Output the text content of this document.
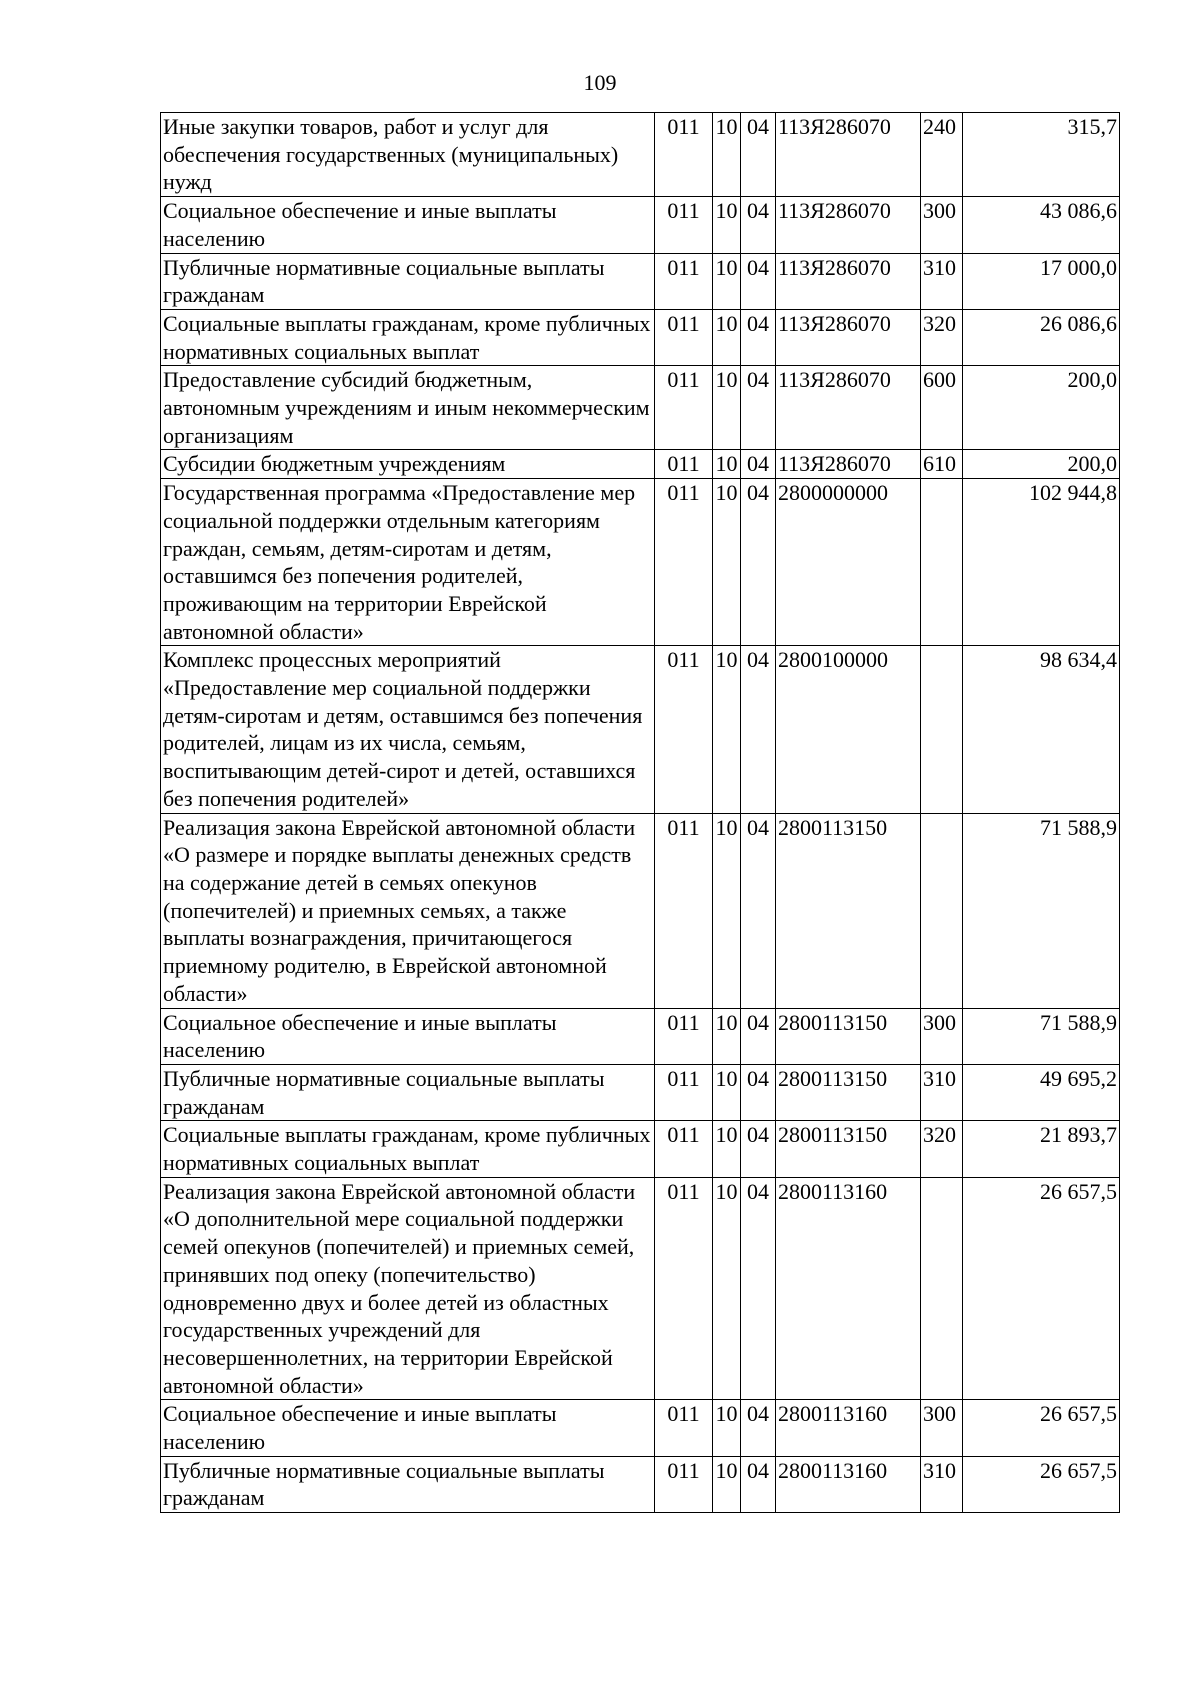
109
Иные закупки товаров, работ и услуг для обеспечения государственных (муниципальных) нужд	011	10	04	113Я286070	240	315,7
Социальное обеспечение и иные выплаты населению	011	10	04	113Я286070	300	43 086,6
Публичные нормативные социальные выплаты гражданам	011	10	04	113Я286070	310	17 000,0
Социальные выплаты гражданам, кроме публичных нормативных социальных выплат	011	10	04	113Я286070	320	26 086,6
Предоставление субсидий бюджетным, автономным учреждениям и иным некоммерческим организациям	011	10	04	113Я286070	600	200,0
Субсидии бюджетным учреждениям	011	10	04	113Я286070	610	200,0
Государственная программа «Предоставление мер социальной поддержки отдельным категориям граждан, семьям, детям-сиротам и детям, оставшимся без попечения родителей, проживающим на территории Еврейской автономной области»	011	10	04	2800000000		102 944,8
Комплекс процессных мероприятий «Предоставление мер социальной поддержки детям-сиротам и детям, оставшимся без попечения родителей, лицам из их числа, семьям, воспитывающим детей-сирот и детей, оставшихся без попечения родителей»	011	10	04	2800100000		98 634,4
Реализация закона Еврейской автономной области «О размере и порядке выплаты денежных средств на содержание детей в семьях опекунов (попечителей) и приемных семьях, а также выплаты вознаграждения, причитающегося приемному родителю, в Еврейской автономной области»	011	10	04	2800113150		71 588,9
Социальное обеспечение и иные выплаты населению	011	10	04	2800113150	300	71 588,9
Публичные нормативные социальные выплаты гражданам	011	10	04	2800113150	310	49 695,2
Социальные выплаты гражданам, кроме публичных нормативных социальных выплат	011	10	04	2800113150	320	21 893,7
Реализация закона Еврейской автономной области «О дополнительной мере социальной поддержки семей опекунов (попечителей) и приемных семей, принявших под опеку (попечительство) одновременно двух и более детей из областных государственных учреждений для несовершеннолетних, на территории Еврейской автономной области»	011	10	04	2800113160		26 657,5
Социальное обеспечение и иные выплаты населению	011	10	04	2800113160	300	26 657,5
Публичные нормативные социальные выплаты гражданам	011	10	04	2800113160	310	26 657,5
